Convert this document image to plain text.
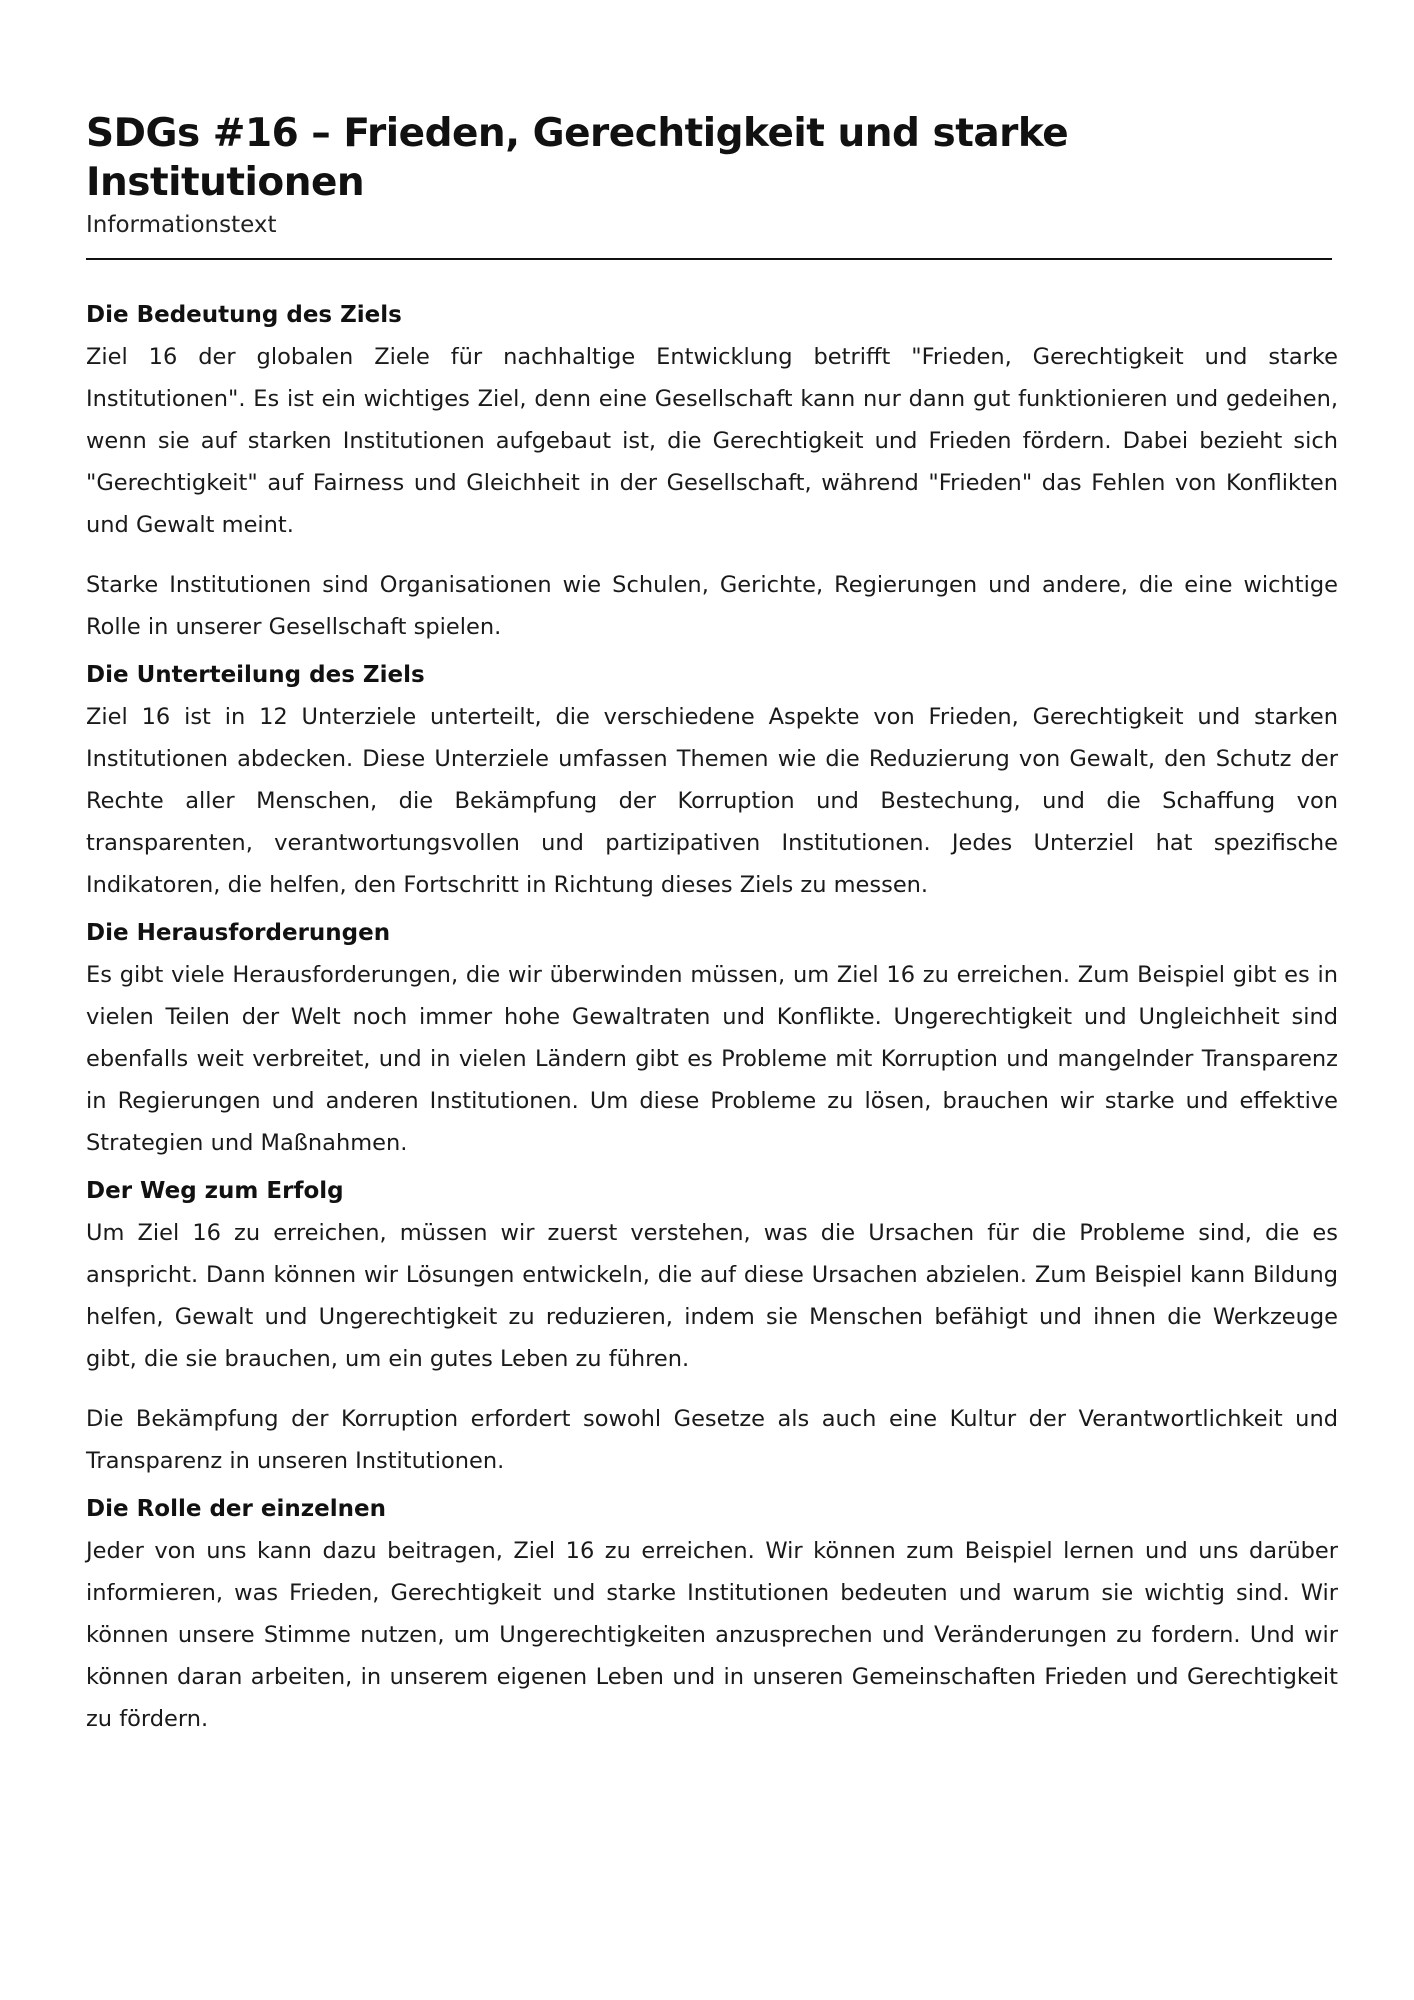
SDGs #16 – Frieden, Gerechtigkeit und starke Institutionen
Informationstext
Die Bedeutung des Ziels

Ziel 16 der globalen Ziele für nachhaltige Entwicklung betrifft "Frieden, Gerechtigkeit und starke Institutionen". Es ist ein wichtiges Ziel, denn eine Gesellschaft kann nur dann gut funktionieren und gedeihen, wenn sie auf starken Institutionen aufgebaut ist, die Gerechtigkeit und Frieden fördern. Dabei bezieht sich "Gerechtigkeit" auf Fairness und Gleichheit in der Gesellschaft, während "Frieden" das Fehlen von Konflikten und Gewalt meint.

Starke Institutionen sind Organisationen wie Schulen, Gerichte, Regierungen und andere, die eine wichtige Rolle in unserer Gesellschaft spielen.

Die Unterteilung des Ziels

Ziel 16 ist in 12 Unterziele unterteilt, die verschiedene Aspekte von Frieden, Gerechtigkeit und starken Institutionen abdecken. Diese Unterziele umfassen Themen wie die Reduzierung von Gewalt, den Schutz der Rechte aller Menschen, die Bekämpfung der Korruption und Bestechung, und die Schaffung von transparenten, verantwortungsvollen und partizipativen Institutionen. Jedes Unterziel hat spezifische Indikatoren, die helfen, den Fortschritt in Richtung dieses Ziels zu messen.

Die Herausforderungen

Es gibt viele Herausforderungen, die wir überwinden müssen, um Ziel 16 zu erreichen. Zum Beispiel gibt es in vielen Teilen der Welt noch immer hohe Gewaltraten und Konflikte. Ungerechtigkeit und Ungleichheit sind ebenfalls weit verbreitet, und in vielen Ländern gibt es Probleme mit Korruption und mangelnder Transparenz in Regierungen und anderen Institutionen. Um diese Probleme zu lösen, brauchen wir starke und effektive Strategien und Maßnahmen.

Der Weg zum Erfolg

Um Ziel 16 zu erreichen, müssen wir zuerst verstehen, was die Ursachen für die Probleme sind, die es anspricht. Dann können wir Lösungen entwickeln, die auf diese Ursachen abzielen. Zum Beispiel kann Bildung helfen, Gewalt und Ungerechtigkeit zu reduzieren, indem sie Menschen befähigt und ihnen die Werkzeuge gibt, die sie brauchen, um ein gutes Leben zu führen.

Die Bekämpfung der Korruption erfordert sowohl Gesetze als auch eine Kultur der Verantwortlichkeit und Transparenz in unseren Institutionen.

Die Rolle der einzelnen

Jeder von uns kann dazu beitragen, Ziel 16 zu erreichen. Wir können zum Beispiel lernen und uns darüber informieren, was Frieden, Gerechtigkeit und starke Institutionen bedeuten und warum sie wichtig sind. Wir können unsere Stimme nutzen, um Ungerechtigkeiten anzusprechen und Veränderungen zu fordern. Und wir können daran arbeiten, in unserem eigenen Leben und in unseren Gemeinschaften Frieden und Gerechtigkeit zu fördern.
